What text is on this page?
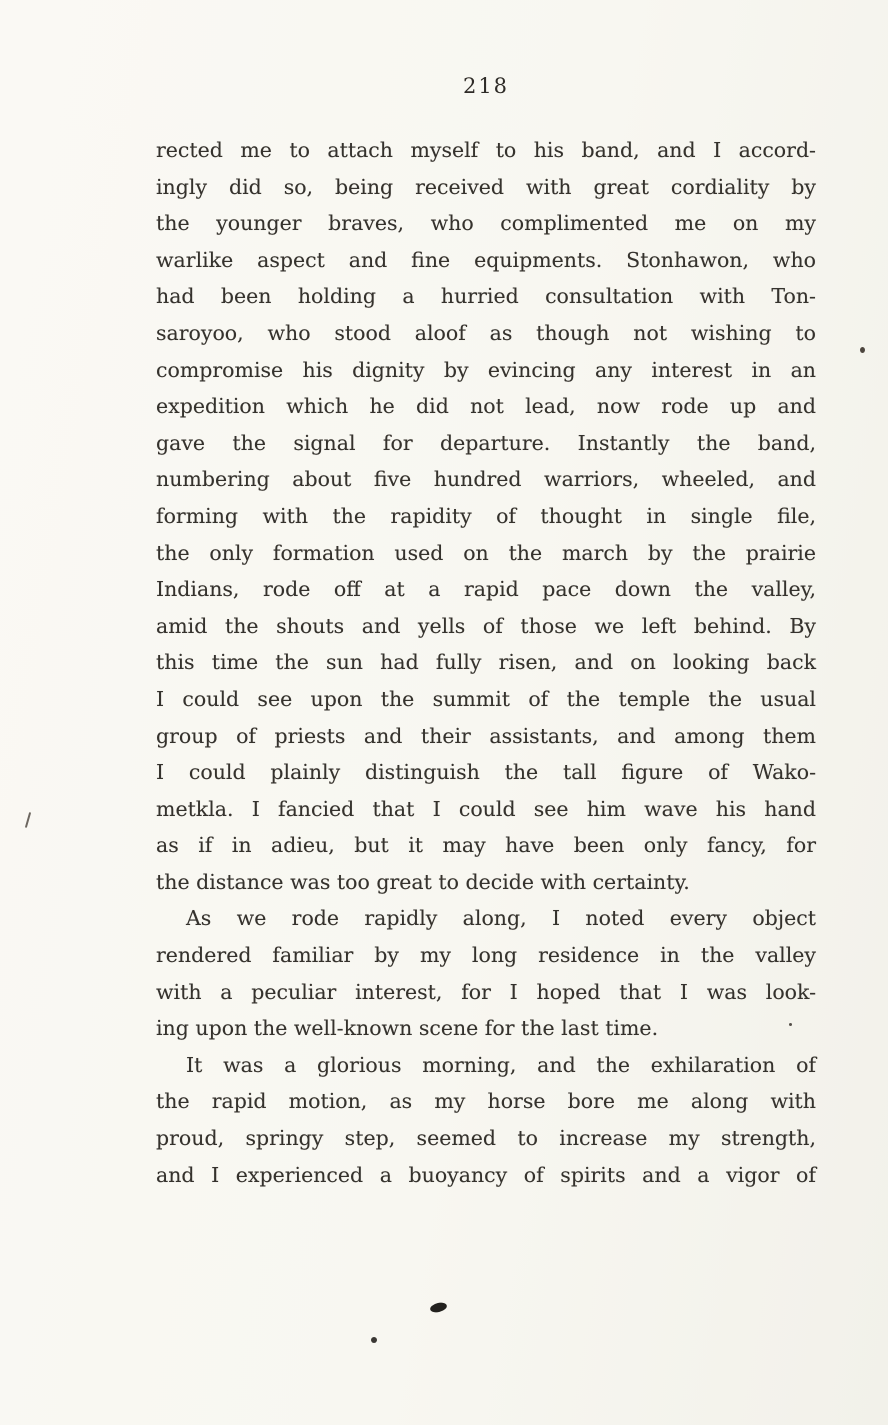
218
rected me to attach myself to his band, and I accord-
ingly did so, being received with great cordiality by
the younger braves, who complimented me on my
warlike aspect and fine equipments. Stonhawon, who
had been holding a hurried consultation with Ton-
saroyoo, who stood aloof as though not wishing to
compromise his dignity by evincing any interest in an
expedition which he did not lead, now rode up and
gave the signal for departure. Instantly the band,
numbering about five hundred warriors, wheeled, and
forming with the rapidity of thought in single file,
the only formation used on the march by the prairie
Indians, rode off at a rapid pace down the valley,
amid the shouts and yells of those we left behind. By
this time the sun had fully risen, and on looking back
I could see upon the summit of the temple the usual
group of priests and their assistants, and among them
I could plainly distinguish the tall figure of Wako-
metkla. I fancied that I could see him wave his hand
as if in adieu, but it may have been only fancy, for
the distance was too great to decide with certainty.
As we rode rapidly along, I noted every object
rendered familiar by my long residence in the valley
with a peculiar interest, for I hoped that I was look-
ing upon the well-known scene for the last time.
It was a glorious morning, and the exhilaration of
the rapid motion, as my horse bore me along with
proud, springy step, seemed to increase my strength,
and I experienced a buoyancy of spirits and a vigor of
